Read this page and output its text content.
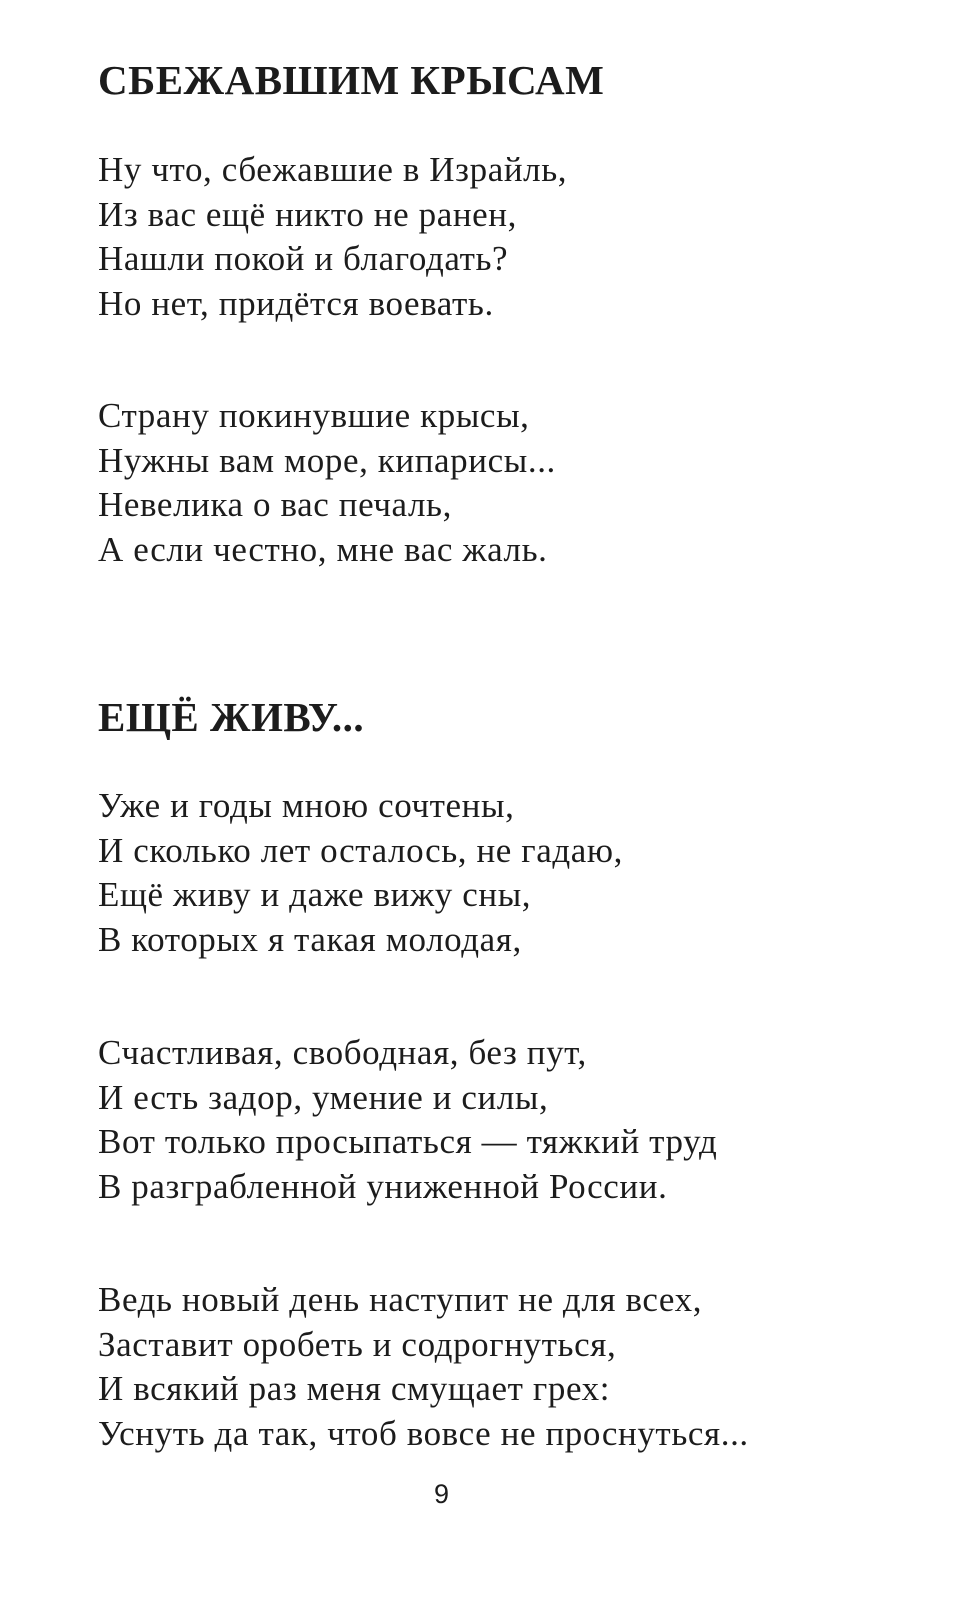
СБЕЖАВШИМ КРЫСАМ
Ну что, сбежавшие в Израйль,
Из вас ещё никто не ранен,
Нашли покой и благодать?
Но нет, придётся воевать.
Страну покинувшие крысы,
Нужны вам море, кипарисы...
Невелика о вас печаль,
А если честно, мне вас жаль.
ЕЩЁ ЖИВУ...
Уже и годы мною сочтены,
И сколько лет осталось, не гадаю,
Ещё живу и даже вижу сны,
В которых я такая молодая,
Счастливая, свободная, без пут,
И есть задор, умение и силы,
Вот только просыпаться — тяжкий труд
В разграбленной униженной России.
Ведь новый день наступит не для всех,
Заставит оробеть и содрогнуться,
И всякий раз меня смущает грех:
Уснуть да так, чтоб вовсе не проснуться...
9
